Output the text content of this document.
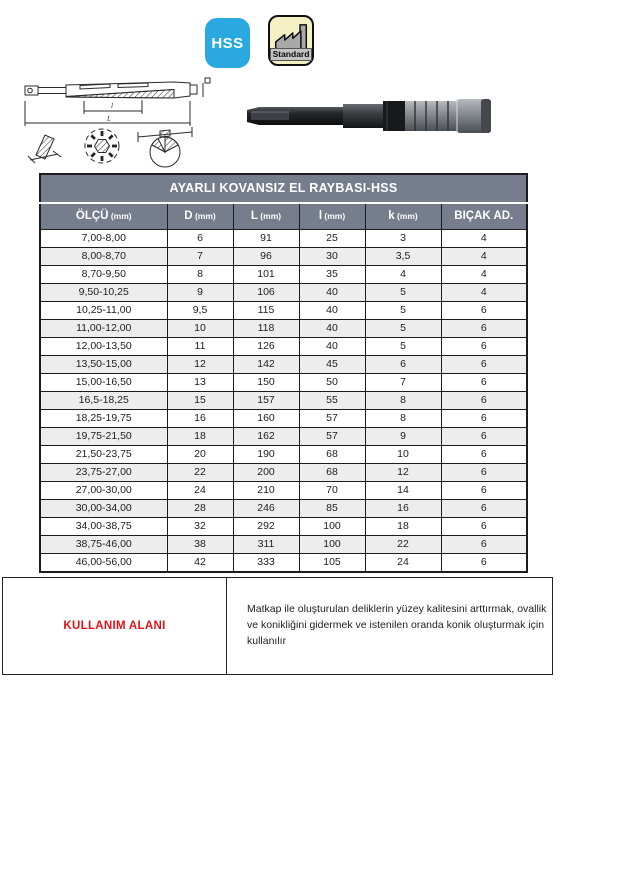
HSS
Standard
l
L
AYARLI KOVANSIZ EL RAYBASI-HSS					
ÖLÇÜ (mm)	D (mm)	L (mm)	l (mm)	k (mm)	BIÇAK AD.
7,00-8,00	6	91	25	3	4
8,00-8,70	7	96	30	3,5	4
8,70-9,50	8	101	35	4	4
9,50-10,25	9	106	40	5	4
10,25-11,00	9,5	115	40	5	6
11,00-12,00	10	118	40	5	6
12,00-13,50	11	126	40	5	6
13,50-15,00	12	142	45	6	6
15,00-16,50	13	150	50	7	6
16,5-18,25	15	157	55	8	6
18,25-19,75	16	160	57	8	6
19,75-21,50	18	162	57	9	6
21,50-23,75	20	190	68	10	6
23,75-27,00	22	200	68	12	6
27,00-30,00	24	210	70	14	6
30,00-34,00	28	246	85	16	6
34,00-38,75	32	292	100	18	6
38,75-46,00	38	311	100	22	6
46,00-56,00	42	333	105	24	6
KULLANIM ALANI

Matkap ile oluşturulan deliklerin yüzey kalitesini arttırmak, ovallik ve konikliğini gidermek ve istenilen oranda konik oluşturmak için kullanılır
